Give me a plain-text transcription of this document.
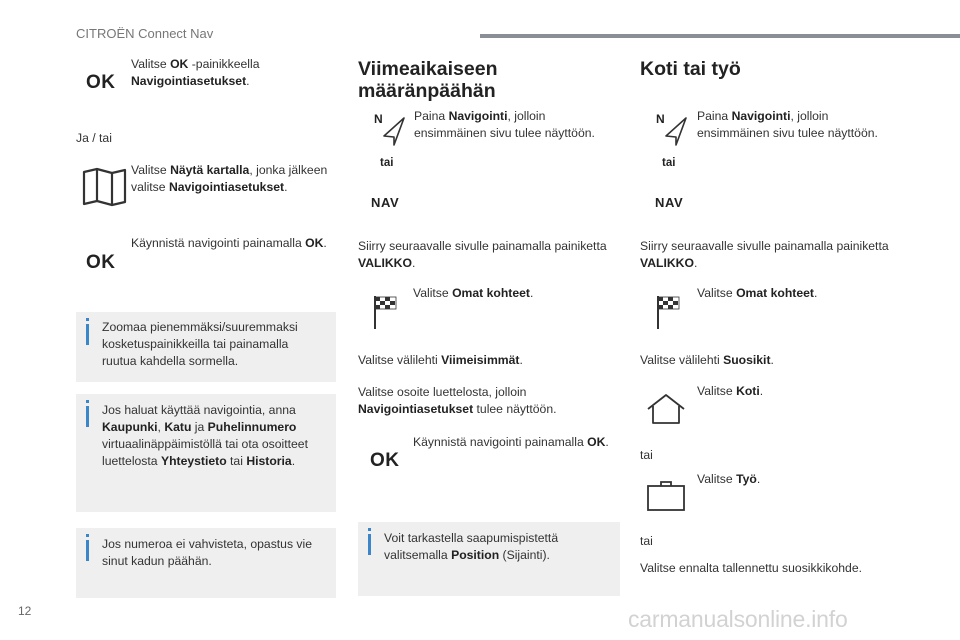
CITROËN Connect Nav
OK
Valitse OK -painikkeella Navigointiasetukset.
Ja / tai
Valitse Näytä kartalla, jonka jälkeen valitse Navigointiasetukset.
OK
Käynnistä navigointi painamalla OK.
Zoomaa pienemmäksi/suuremmaksi kosketuspainikkeilla tai painamalla ruutua kahdella sormella.
Jos haluat käyttää navigointia, anna Kaupunki, Katu ja Puhelinnumero virtuaalinäppäimistöllä tai ota osoitteet luettelosta Yhteystieto tai Historia.
Jos numeroa ei vahvisteta, opastus vie sinut kadun päähän.
Viimeaikaiseen
määränpäähän
N
tai
NAV
Paina Navigointi, jolloin ensimmäinen sivu tulee näyttöön.
Siirry seuraavalle sivulle painamalla painiketta VALIKKO.
Valitse Omat kohteet.
Valitse välilehti Viimeisimmät.
Valitse osoite luettelosta, jolloin Navigointiasetukset tulee näyttöön.
OK
Käynnistä navigointi painamalla OK.
Voit tarkastella saapumispistettä valitsemalla Position (Sijainti).
Koti tai työ
N
tai
NAV
Paina Navigointi, jolloin ensimmäinen sivu tulee näyttöön.
Siirry seuraavalle sivulle painamalla painiketta VALIKKO.
Valitse Omat kohteet.
Valitse välilehti Suosikit.
Valitse Koti.
tai
Valitse Työ.
tai
Valitse ennalta tallennettu suosikkikohde.
12	carmanualsonline.info
